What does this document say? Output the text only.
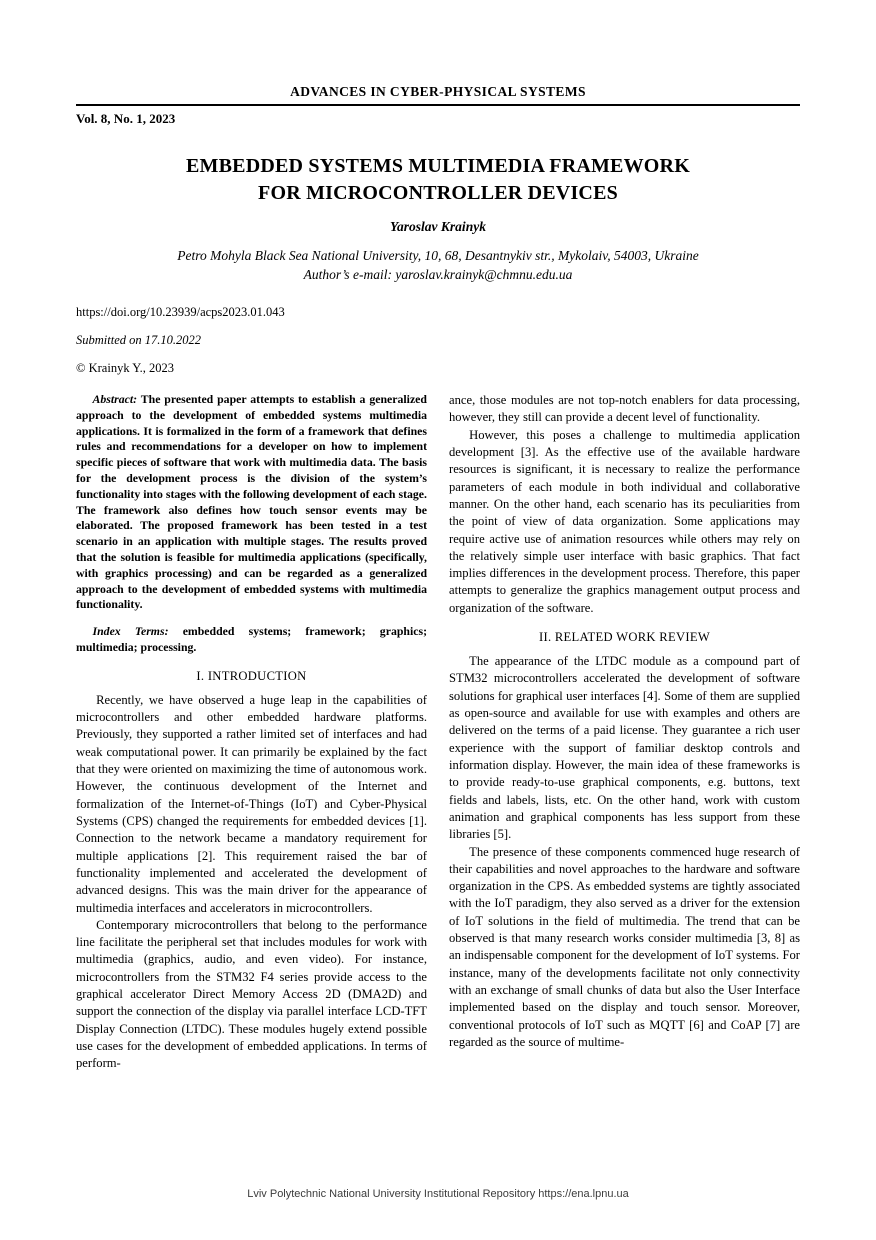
ADVANCES IN CYBER-PHYSICAL SYSTEMS
Vol. 8, No. 1, 2023
EMBEDDED SYSTEMS MULTIMEDIA FRAMEWORK
FOR MICROCONTROLLER DEVICES
Yaroslav Krainyk
Petro Mohyla Black Sea National University, 10, 68, Desantnykiv str., Mykolaiv, 54003, Ukraine
Author’s e-mail: yaroslav.krainyk@chmnu.edu.ua
https://doi.org/10.23939/acps2023.01.043
Submitted on 17.10.2022
© Krainyk Y., 2023

Abstract: The presented paper attempts to establish a generalized approach to the development of embedded systems multimedia applications. It is formalized in the form of a framework that defines rules and recommendations for a developer on how to implement specific pieces of software that work with multimedia data. The basis for the development process is the division of the system’s functionality into stages with the following development of each stage. The framework also defines how touch sensor events may be elaborated. The proposed framework has been tested in a test scenario in an application with multiple stages. The results proved that the solution is feasible for multimedia applications (specifically, with graphics processing) and can be regarded as a generalized approach to the development of embedded systems with multimedia functionality.

Index Terms: embedded systems; framework; graphics; multimedia; processing.

I. INTRODUCTION

Recently, we have observed a huge leap in the capabilities of microcontrollers and other embedded hardware platforms. Previously, they supported a rather limited set of interfaces and had weak computational power. It can primarily be explained by the fact that they were oriented on maximizing the time of autonomous work. However, the continuous development of the Internet and formalization of the Internet-of-Things (IoT) and Cyber-Physical Systems (CPS) changed the requirements for embedded devices [1]. Connection to the network became a mandatory requirement for multiple applications [2]. This requirement raised the bar of functionality implemented and accelerated the development of advanced designs. This was the main driver for the appearance of multimedia interfaces and accelerators in microcontrollers.

Contemporary microcontrollers that belong to the performance line facilitate the peripheral set that includes modules for work with multimedia (graphics, audio, and even video). For instance, microcontrollers from the STM32 F4 series provide access to the graphical accelerator Direct Memory Access 2D (DMA2D) and support the connection of the display via parallel interface LCD-TFT Display Connection (LTDC). These modules hugely extend possible use cases for the development of embedded applications. In terms of perform-

ance, those modules are not top-notch enablers for data processing, however, they still can provide a decent level of functionality.

However, this poses a challenge to multimedia application development [3]. As the effective use of the available hardware resources is significant, it is necessary to realize the performance parameters of each module in both individual and collaborative manner. On the other hand, each scenario has its peculiarities from the point of view of data organization. Some applications may require active use of animation resources while others may rely on the relatively simple user interface with basic graphics. That fact implies differences in the development process. Therefore, this paper attempts to generalize the graphics management output process and organization of the software.

II. RELATED WORK REVIEW

The appearance of the LTDC module as a compound part of STM32 microcontrollers accelerated the development of software solutions for graphical user interfaces [4]. Some of them are supplied as open-source and available for use with examples and others are delivered on the terms of a paid license. They guarantee a rich user experience with the support of familiar desktop controls and information display. However, the main idea of these frameworks is to provide ready-to-use graphical components, e.g. buttons, text fields and labels, lists, etc. On the other hand, work with custom animation and graphical components has less support from these libraries [5].

The presence of these components commenced huge research of their capabilities and novel approaches to the hardware and software organization in the CPS. As embedded systems are tightly associated with the IoT paradigm, they also served as a driver for the extension of IoT solutions in the field of multimedia. The trend that can be observed is that many research works consider multimedia [3, 8] as an indispensable component for the development of IoT systems. For instance, many of the developments facilitate not only connectivity with an exchange of small chunks of data but also the User Interface implemented based on the display and touch sensor. Moreover, conventional protocols of IoT such as MQTT [6] and CoAP [7] are regarded as the source of multime-

Lviv Polytechnic National University Institutional Repository https://ena.lpnu.ua
